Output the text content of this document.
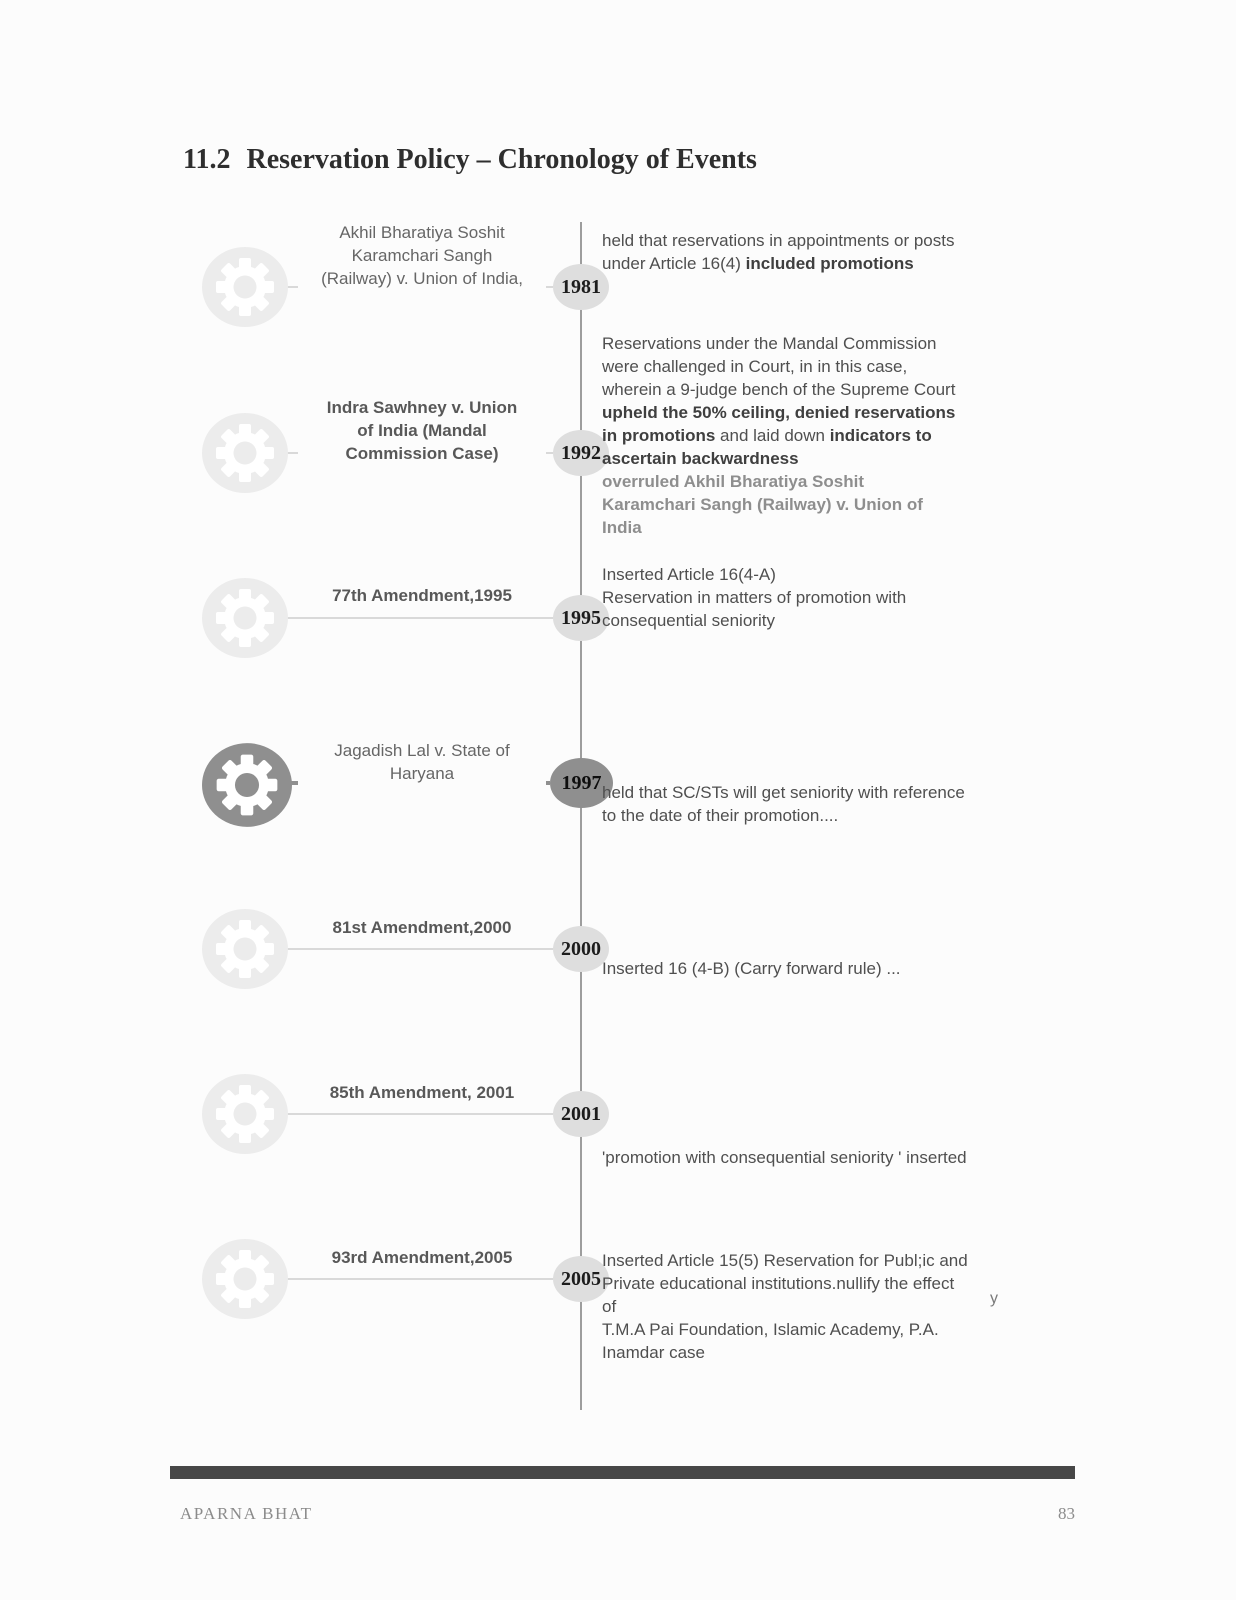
11.2 Reservation Policy – Chronology of Events
Akhil Bharatiya Soshit
Karamchari Sangh
(Railway) v. Union of India,
Indra Sawhney v. Union
of India (Mandal
Commission Case)
77th Amendment,1995
Jagadish Lal v. State of
Haryana
81st Amendment,2000
85th Amendment, 2001
93rd Amendment,2005
1981
1992
1995
1997
2000
2001
2005
held that reservations in appointments or posts
under Article 16(4) included promotions
Reservations under the Mandal Commission
were challenged in Court, in in this case,
wherein a 9-judge bench of the Supreme Court
upheld the 50% ceiling, denied reservations
in promotions and laid down indicators to
ascertain backwardness
overruled Akhil Bharatiya Soshit
Karamchari Sangh (Railway) v. Union of
India
Inserted Article 16(4-A)
Reservation in matters of promotion with
consequential seniority
held that SC/STs will get seniority with reference
to the date of their promotion....
Inserted 16 (4-B) (Carry forward rule) ...
'promotion with consequential seniority ' inserted
Inserted Article 15(5) Reservation for Publ;ic and
Private educational institutions.nullify the effect
of
T.M.A Pai Foundation, Islamic Academy, P.A.
Inamdar case
y
APARNA BHAT	83
